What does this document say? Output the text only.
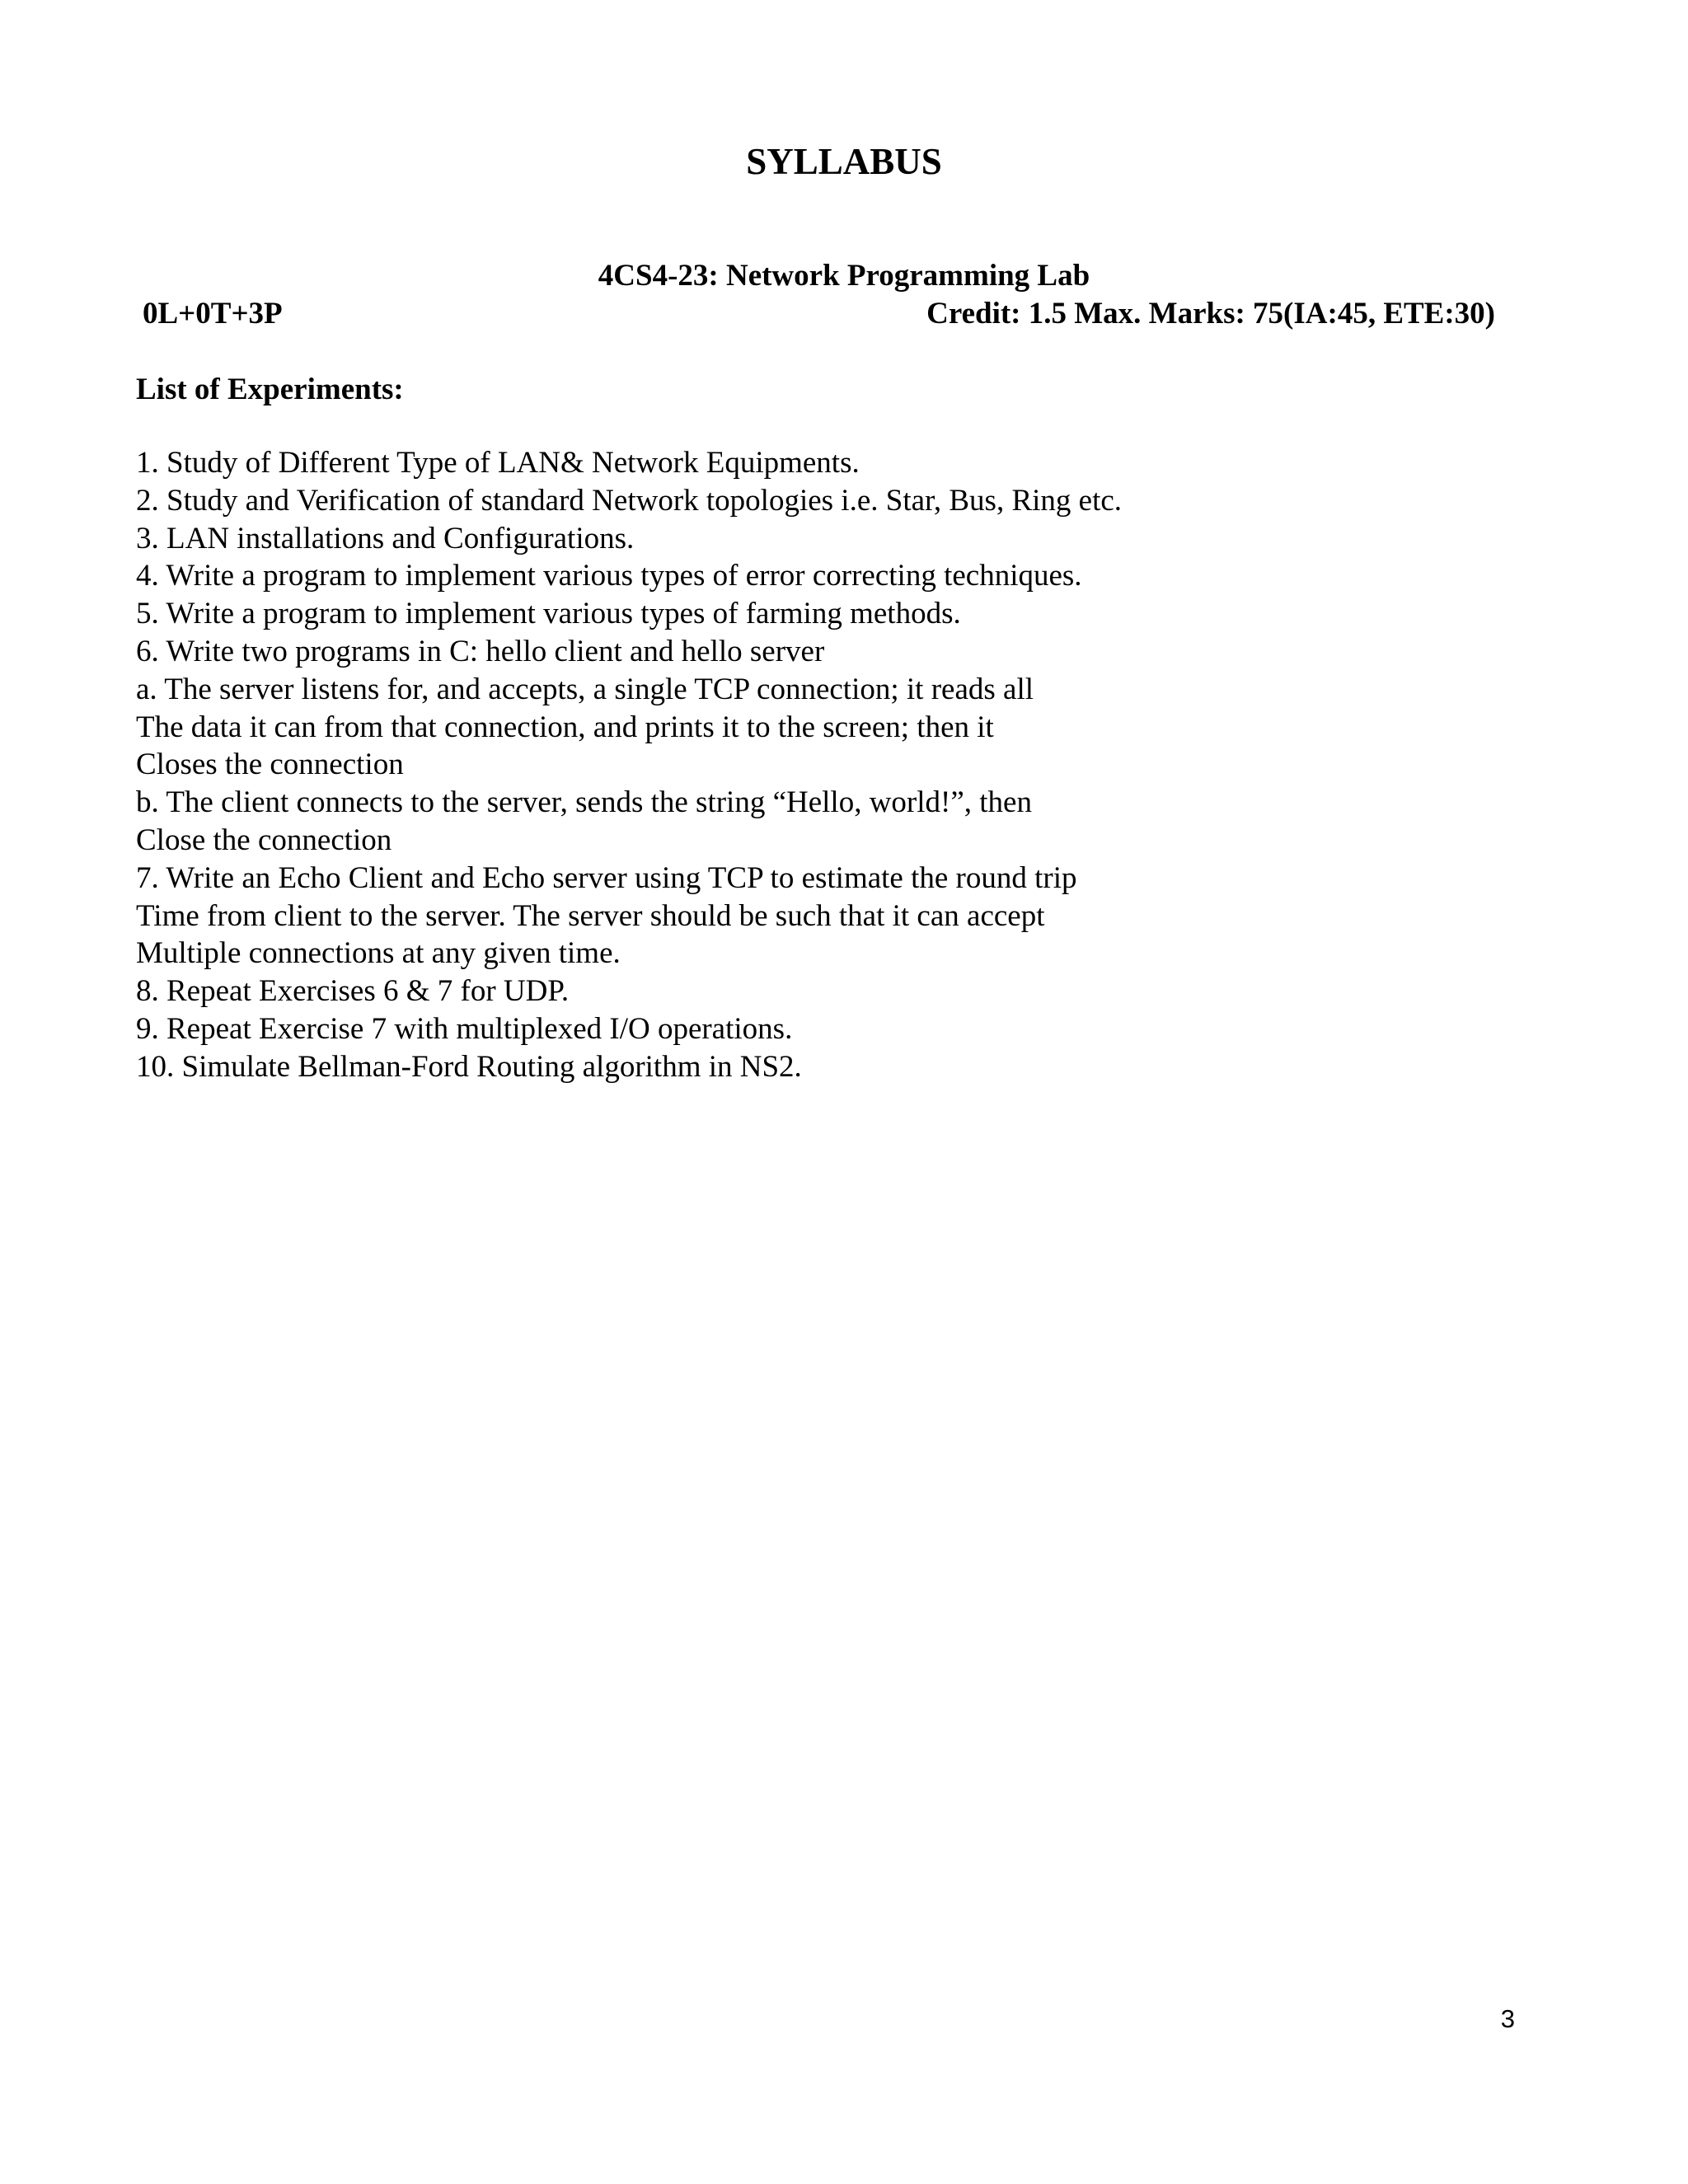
SYLLABUS
4CS4-23: Network Programming Lab
0L+0T+3P	Credit: 1.5 Max. Marks: 75(IA:45, ETE:30)
List of Experiments:
1. Study of Different Type of LAN& Network Equipments.
2. Study and Verification of standard Network topologies i.e. Star, Bus, Ring etc.
3. LAN installations and Configurations.
4. Write a program to implement various types of error correcting techniques.
5. Write a program to implement various types of farming methods.
6. Write two programs in C: hello client and hello server
a. The server listens for, and accepts, a single TCP connection; it reads all
The data it can from that connection, and prints it to the screen; then it
Closes the connection
b. The client connects to the server, sends the string “Hello, world!”, then
Close the connection
7. Write an Echo Client and Echo server using TCP to estimate the round trip
Time from client to the server. The server should be such that it can accept
Multiple connections at any given time.
8. Repeat Exercises 6 & 7 for UDP.
9. Repeat Exercise 7 with multiplexed I/O operations.
10. Simulate Bellman-Ford Routing algorithm in NS2.
3
